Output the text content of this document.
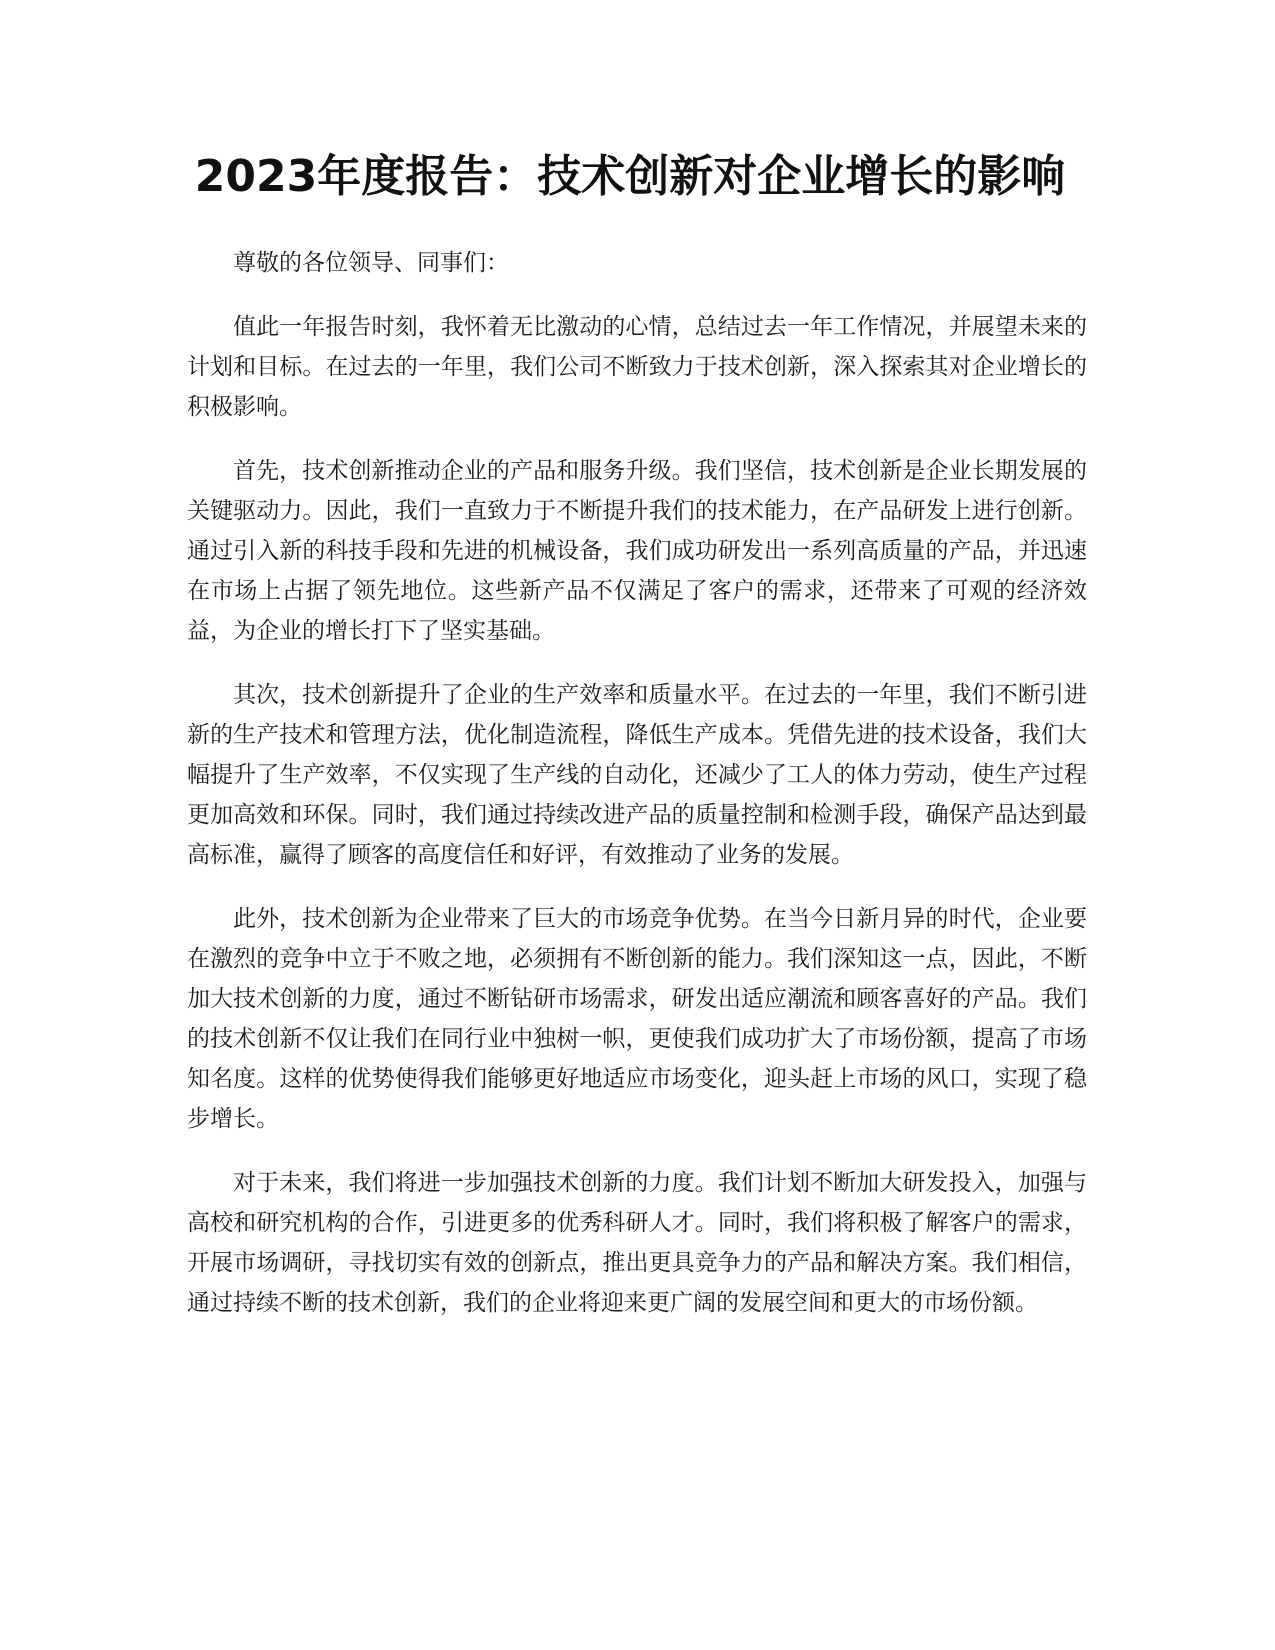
2023年度报告：技术创新对企业增长的影响

尊敬的各位领导、同事们：

值此一年报告时刻，我怀着无比激动的心情，总结过去一年工作情况，并展望未来的计划和目标。在过去的一年里，我们公司不断致力于技术创新，深入探索其对企业增长的积极影响。

首先，技术创新推动企业的产品和服务升级。我们坚信，技术创新是企业长期发展的关键驱动力。因此，我们一直致力于不断提升我们的技术能力，在产品研发上进行创新。通过引入新的科技手段和先进的机械设备，我们成功研发出一系列高质量的产品，并迅速在市场上占据了领先地位。这些新产品不仅满足了客户的需求，还带来了可观的经济效益，为企业的增长打下了坚实基础。

其次，技术创新提升了企业的生产效率和质量水平。在过去的一年里，我们不断引进新的生产技术和管理方法，优化制造流程，降低生产成本。凭借先进的技术设备，我们大幅提升了生产效率，不仅实现了生产线的自动化，还减少了工人的体力劳动，使生产过程更加高效和环保。同时，我们通过持续改进产品的质量控制和检测手段，确保产品达到最高标准，赢得了顾客的高度信任和好评，有效推动了业务的发展。

此外，技术创新为企业带来了巨大的市场竞争优势。在当今日新月异的时代，企业要在激烈的竞争中立于不败之地，必须拥有不断创新的能力。我们深知这一点，因此，不断加大技术创新的力度，通过不断钻研市场需求，研发出适应潮流和顾客喜好的产品。我们的技术创新不仅让我们在同行业中独树一帜，更使我们成功扩大了市场份额，提高了市场知名度。这样的优势使得我们能够更好地适应市场变化，迎头赶上市场的风口，实现了稳步增长。

对于未来，我们将进一步加强技术创新的力度。我们计划不断加大研发投入，加强与高校和研究机构的合作，引进更多的优秀科研人才。同时，我们将积极了解客户的需求，开展市场调研，寻找切实有效的创新点，推出更具竞争力的产品和解决方案。我们相信，通过持续不断的技术创新，我们的企业将迎来更广阔的发展空间和更大的市场份额。
